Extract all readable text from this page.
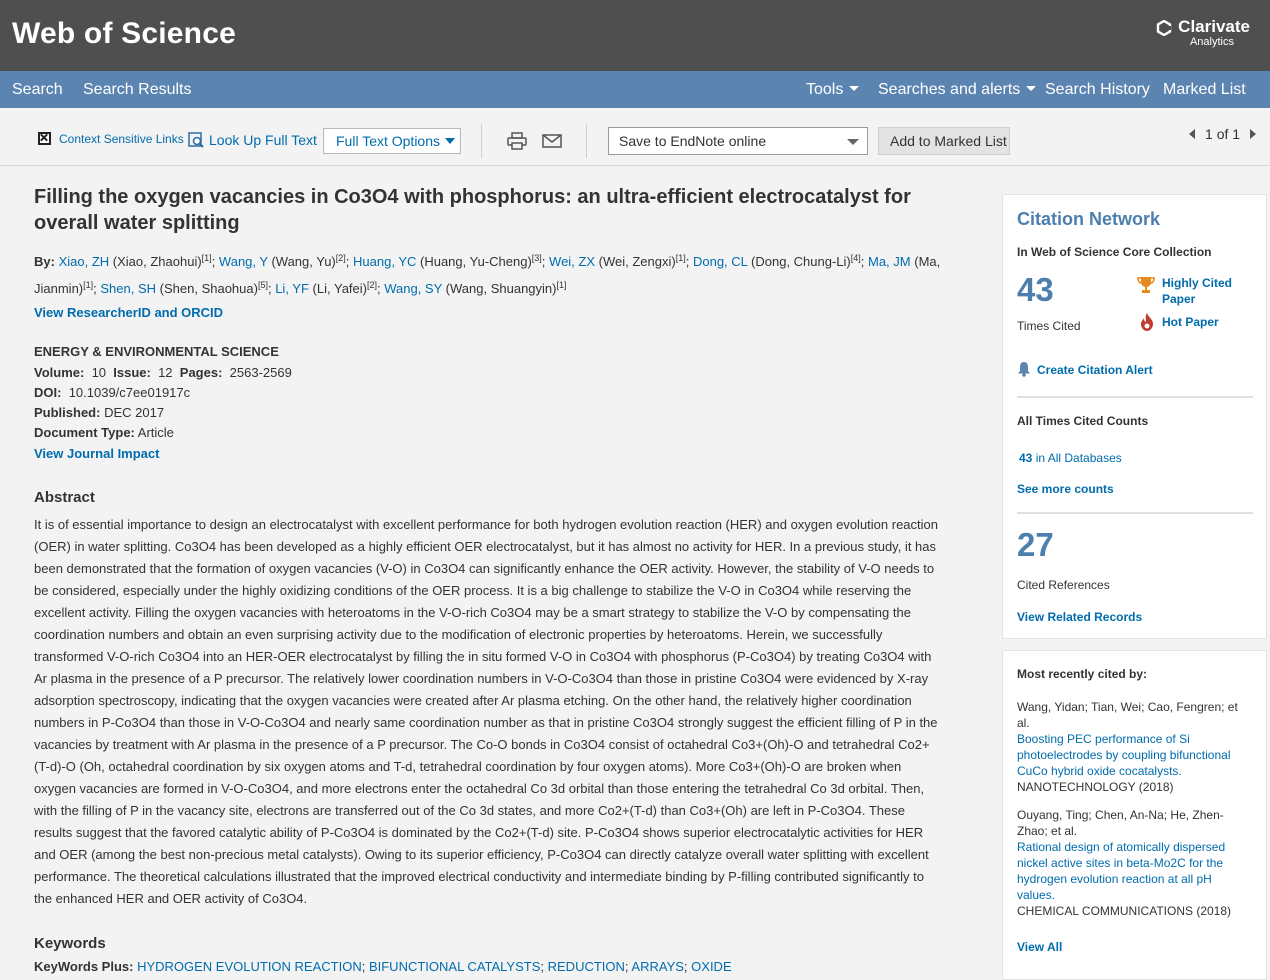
Web of Science	Clarivate
Analytics
Search Search Results	Tools	Searches and alerts	Search History Marked List
Context Sensitive Links	Look Up Full Text	Full Text Options	Save to EndNote online	Add to Marked List	1 of 1
Filling the oxygen vacancies in Co3O4 with phosphorus: an ultra-efficient electrocatalyst for overall water splitting
By: Xiao, ZH (Xiao, Zhaohui)[1]; Wang, Y (Wang, Yu)[2]; Huang, YC (Huang, Yu-Cheng)[3]; Wei, ZX (Wei, Zengxi)[1]; Dong, CL (Dong, Chung-Li)[4]; Ma, JM (Ma, Jianmin)[1]; Shen, SH (Shen, Shaohua)[5]; Li, YF (Li, Yafei)[2]; Wang, SY (Wang, Shuangyin)[1]
View ResearcherID and ORCID
ENERGY & ENVIRONMENTAL SCIENCE
Volume: 10 Issue: 12 Pages: 2563-2569
DOI: 10.1039/c7ee01917c
Published: DEC 2017
Document Type: Article
View Journal Impact
Abstract
It is of essential importance to design an electrocatalyst with excellent performance for both hydrogen evolution reaction (HER) and oxygen evolution reaction (OER) in water splitting. Co3O4 has been developed as a highly efficient OER electrocatalyst, but it has almost no activity for HER. In a previous study, it has been demonstrated that the formation of oxygen vacancies (V-O) in Co3O4 can significantly enhance the OER activity. However, the stability of V-O needs to be considered, especially under the highly oxidizing conditions of the OER process. It is a big challenge to stabilize the V-O in Co3O4 while reserving the excellent activity. Filling the oxygen vacancies with heteroatoms in the V-O-rich Co3O4 may be a smart strategy to stabilize the V-O by compensating the coordination numbers and obtain an even surprising activity due to the modification of electronic properties by heteroatoms. Herein, we successfully transformed V-O-rich Co3O4 into an HER-OER electrocatalyst by filling the in situ formed V-O in Co3O4 with phosphorus (P-Co3O4) by treating Co3O4 with Ar plasma in the presence of a P precursor. The relatively lower coordination numbers in V-O-Co3O4 than those in pristine Co3O4 were evidenced by X-ray adsorption spectroscopy, indicating that the oxygen vacancies were created after Ar plasma etching. On the other hand, the relatively higher coordination numbers in P-Co3O4 than those in V-O-Co3O4 and nearly same coordination number as that in pristine Co3O4 strongly suggest the efficient filling of P in the vacancies by treatment with Ar plasma in the presence of a P precursor. The Co-O bonds in Co3O4 consist of octahedral Co3+(Oh)-O and tetrahedral Co2+(T-d)-O (Oh, octahedral coordination by six oxygen atoms and T-d, tetrahedral coordination by four oxygen atoms). More Co3+(Oh)-O are broken when oxygen vacancies are formed in V-O-Co3O4, and more electrons enter the octahedral Co 3d orbital than those entering the tetrahedral Co 3d orbital. Then, with the filling of P in the vacancy site, electrons are transferred out of the Co 3d states, and more Co2+(T-d) than Co3+(Oh) are left in P-Co3O4. These results suggest that the favored catalytic ability of P-Co3O4 is dominated by the Co2+(T-d) site. P-Co3O4 shows superior electrocatalytic activities for HER and OER (among the best non-precious metal catalysts). Owing to its superior efficiency, P-Co3O4 can directly catalyze overall water splitting with excellent performance. The theoretical calculations illustrated that the improved electrical conductivity and intermediate binding by P-filling contributed significantly to the enhanced HER and OER activity of Co3O4.
Keywords
KeyWords Plus: HYDROGEN EVOLUTION REACTION; BIFUNCTIONAL CATALYSTS; REDUCTION; ARRAYS; OXIDE
Citation Network
In Web of Science Core Collection
43
Times Cited
Highly Cited
Paper
Hot Paper
Create Citation Alert
All Times Cited Counts
43 in All Databases
See more counts
27
Cited References
View Related Records
Most recently cited by:
Wang, Yidan; Tian, Wei; Cao, Fengren; et al.
Boosting PEC performance of Si photoelectrodes by coupling bifunctional CuCo hybrid oxide cocatalysts.
NANOTECHNOLOGY (2018)
Ouyang, Ting; Chen, An-Na; He, Zhen-Zhao; et al.
Rational design of atomically dispersed nickel active sites in beta-Mo2C for the hydrogen evolution reaction at all pH values.
CHEMICAL COMMUNICATIONS (2018)
View All
